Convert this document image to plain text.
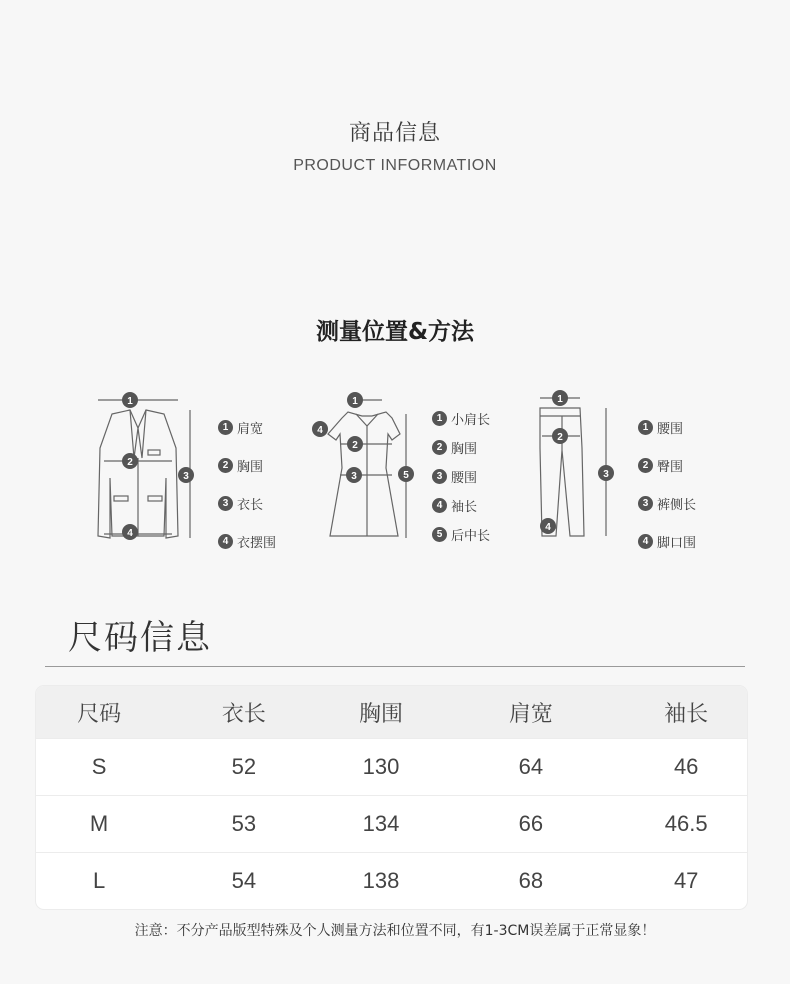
商品信息
PRODUCT INFORMATION
测量位置&方法
1
2
3
4
1 肩宽
2 胸围
3 衣长
4 衣摆围
1
2
3
4
5
1 小肩长
2 胸围
3 腰围
4 袖长
5 后中长
1
2
3
4
1 腰围
2 臀围
3 裤侧长
4 脚口围
尺码信息
尺码	衣长	胸围	肩宽	袖长
S	52	130	64	46
M	53	134	66	46.5
L	54	138	68	47
注意：不分产品版型特殊及个人测量方法和位置不同，有1-3CM误差属于正常显象！
